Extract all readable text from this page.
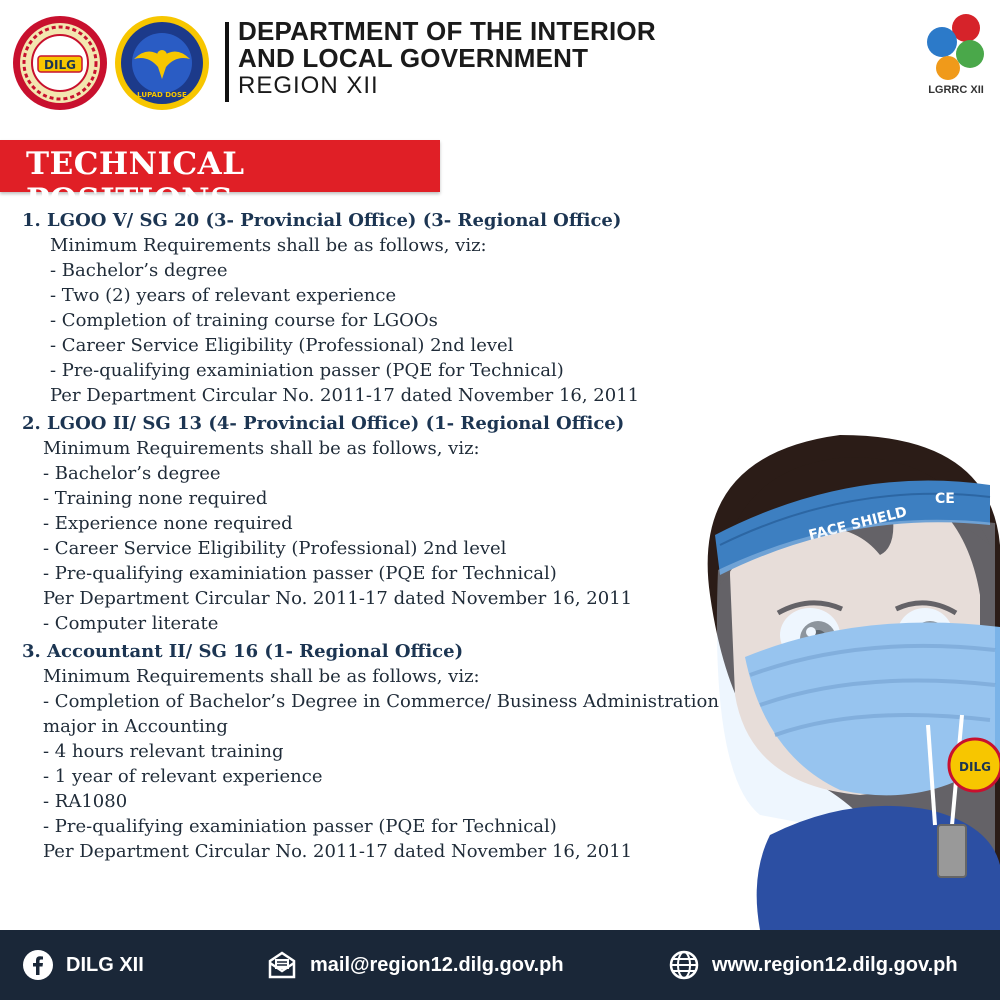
DILG
LUPAD DOSE
DEPARTMENT OF THE INTERIOR
AND LOCAL GOVERNMENT
REGION XII	LGRRC XII
TECHNICAL POSITIONS

1. LGOO V/ SG 20 (3- Provincial Office) (3- Regional Office)

Minimum Requirements shall be as follows, viz:

- Bachelor’s degree

- Two (2) years of relevant experience

- Completion of training course for LGOOs

- Career Service Eligibility (Professional) 2nd level

- Pre-qualifying examiniation passer (PQE for Technical)

Per Department Circular No. 2011-17 dated November 16, 2011

2. LGOO II/ SG 13 (4- Provincial Office) (1- Regional Office)

Minimum Requirements shall be as follows, viz:

- Bachelor’s degree

- Training none required

- Experience none required

- Career Service Eligibility (Professional) 2nd level

- Pre-qualifying examiniation passer (PQE for Technical)

Per Department Circular No. 2011-17 dated November 16, 2011

- Computer literate

3. Accountant II/ SG 16 (1- Regional Office)

Minimum Requirements shall be as follows, viz:

- Completion of Bachelor’s Degree in Commerce/ Business Administration

major in Accounting

- 4 hours relevant training

- 1 year of relevant experience

- RA1080

- Pre-qualifying examiniation passer (PQE for Technical)

Per Department Circular No. 2011-17 dated November 16, 2011

FACE SHIELD
CE
DILG
DILG XII	mail@region12.dilg.gov.ph	www.region12.dilg.gov.ph
